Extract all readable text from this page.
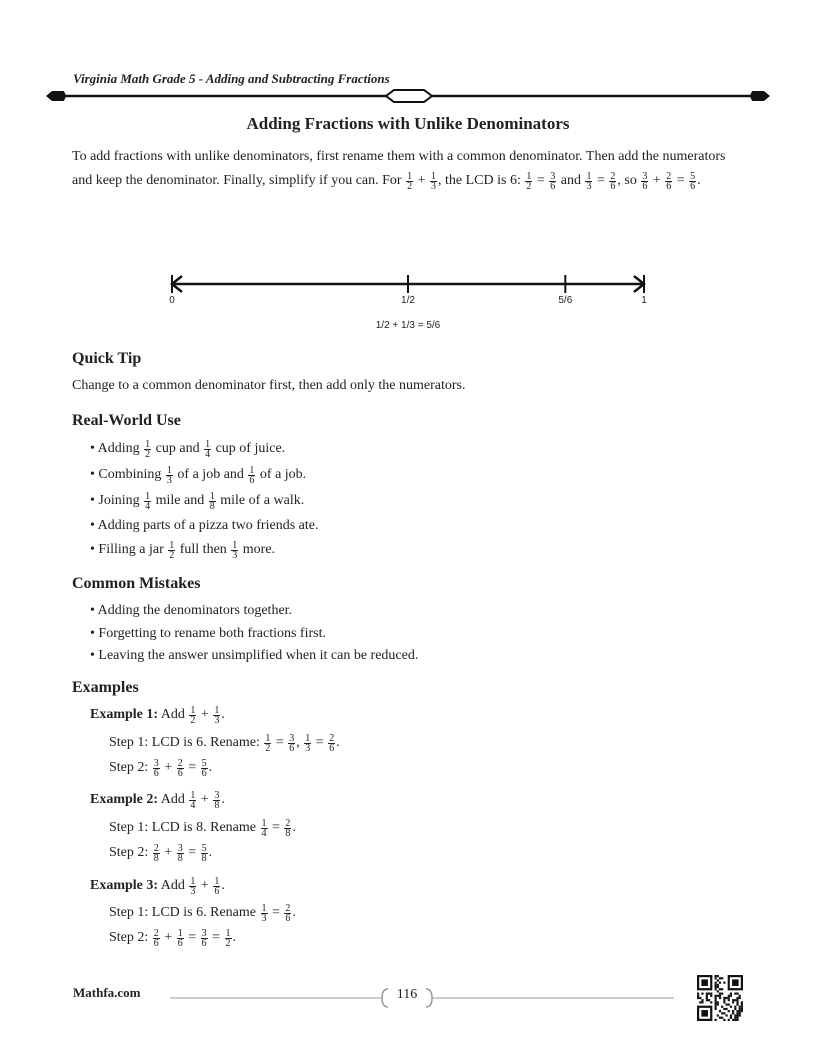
Virginia Math Grade 5 - Adding and Subtracting Fractions
Adding Fractions with Unlike Denominators
To add fractions with unlike denominators, first rename them with a common denominator. Then add the numerators and keep the denominator. Finally, simplify if you can. For $\frac{1}{2} + \frac{1}{3}$ , the LCD is 6: $\frac{1}{2} = \frac{3}{6}$ and $\frac{1}{3} = \frac{2}{6}$ , so $\frac{3}{6} + \frac{2}{6} = \frac{5}{6}$ .
0	1/2	5/6	1
1/2 + 1/3 = 5/6
Quick Tip
Change to a common denominator first, then add only the numerators.
Real-World Use
• Adding $\frac{1}{2}$ cup and $\frac{1}{4}$ cup of juice.
• Combining $\frac{1}{3}$ of a job and $\frac{1}{6}$ of a job.
• Joining $\frac{1}{4}$ mile and $\frac{1}{8}$ mile of a walk.
• Adding parts of a pizza two friends ate.
• Filling a jar $\frac{1}{2}$ full then $\frac{1}{3}$ more.
Common Mistakes
• Adding the denominators together.
• Forgetting to rename both fractions first.
• Leaving the answer unsimplified when it can be reduced.
Examples
Example 1: Add $\frac{1}{2} + \frac{1}{3}$ .
Step 1: LCD is 6. Rename: $\frac{1}{2} = \frac{3}{6}$ , $\frac{1}{3} = \frac{2}{6}$ .
Step 2: $\frac{3}{6} + \frac{2}{6} = \frac{5}{6}$ .
Example 2: Add $\frac{1}{4} + \frac{3}{8}$ .
Step 1: LCD is 8. Rename $\frac{1}{4} = \frac{2}{8}$ .
Step 2: $\frac{2}{8} + \frac{3}{8} = \frac{5}{8}$ .
Example 3: Add $\frac{1}{3} + \frac{1}{6}$ .
Step 1: LCD is 6. Rename $\frac{1}{3} = \frac{2}{6}$ .
Step 2: $\frac{2}{6} + \frac{1}{6} = \frac{3}{6} = \frac{1}{2}$ .
Mathfa.com	116
